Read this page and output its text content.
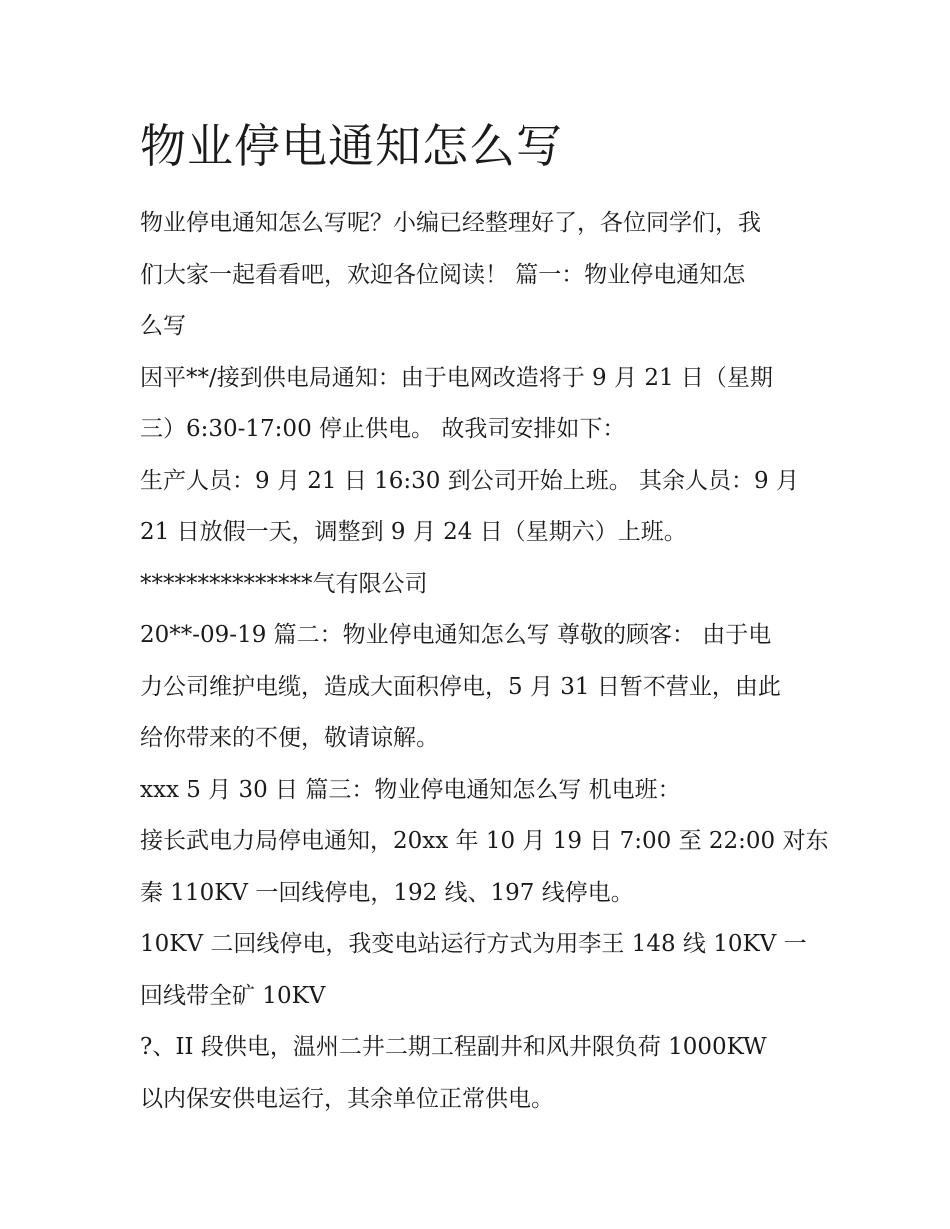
物业停电通知怎么写

物业停电通知怎么写呢？小编已经整理好了，各位同学们，我

们大家一起看看吧，欢迎各位阅读！ 篇一：物业停电通知怎

么写

因平**/接到供电局通知：由于电网改造将于 9 月 21 日（星期

三）6:30-17:00 停止供电。 故我司安排如下：

生产人员：9 月 21 日 16:30 到公司开始上班。 其余人员：9 月

21 日放假一天，调整到 9 月 24 日（星期六）上班。

***************气有限公司

20**-09-19 篇二：物业停电通知怎么写 尊敬的顾客： 由于电

力公司维护电缆，造成大面积停电，5 月 31 日暂不营业，由此

给你带来的不便，敬请谅解。

xxx 5 月 30 日 篇三：物业停电通知怎么写 机电班：

接长武电力局停电通知，20xx 年 10 月 19 日 7:00 至 22:00 对东

秦 110KV 一回线停电，192 线、197 线停电。

10KV 二回线停电，我变电站运行方式为用李王 148 线 10KV 一

回线带全矿 10KV

?、II 段供电，温州二井二期工程副井和风井限负荷 1000KW

以内保安供电运行，其余单位正常供电。
